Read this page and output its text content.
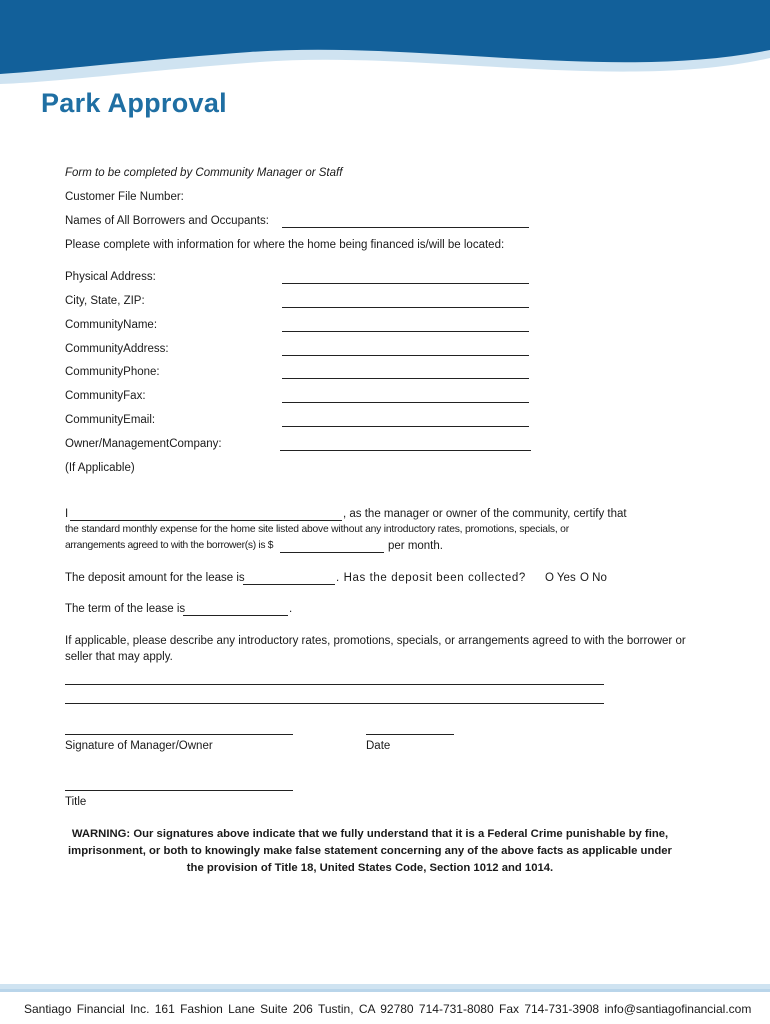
Park Approval
Form to be completed by Community Manager or Staff
Customer File Number:
Names of All Borrowers and Occupants:
Please complete with information for where the home being financed is/will be located:
Physical Address:
City, State, ZIP:
CommunityName:
CommunityAddress:
CommunityPhone:
CommunityFax:
CommunityEmail:
Owner/ManagementCompany:
(If Applicable)
I	, as the manager or owner of the community, certify that
the standard monthly expense for the home site listed above without any introductory rates, promotions, specials, or
arrangements agreed to with the borrower(s) is $	per month.
The deposit amount for the lease is	. Has the deposit been collected? O Yes O No
The term of the lease is	.
If applicable, please describe any introductory rates, promotions, specials, or arrangements agreed to with the borrower or
seller that may apply.
Signature of Manager/Owner	Date
Title
WARNING: Our signatures above indicate that we fully understand that it is a Federal Crime punishable by fine, imprisonment, or both to knowingly make false statement concerning any of the above facts as applicable under the provision of Title 18, United States Code, Section 1012 and 1014.
Santiago Financial Inc. 161 Fashion Lane Suite 206 Tustin, CA 92780 714-731-8080 Fax 714-731-3908 info@santiagofinancial.com
